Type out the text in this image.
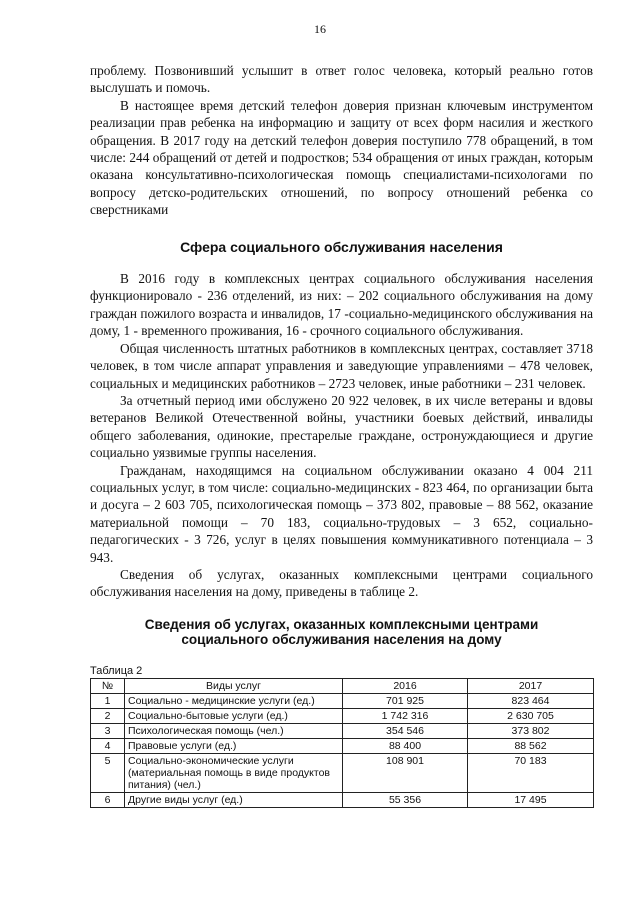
16

проблему. Позвонивший услышит в ответ голос человека, который реально готов выслушать и помочь.

В настоящее время детский телефон доверия признан ключевым инструментом реализации прав ребенка на информацию и защиту от всех форм насилия и жесткого обращения. В 2017 году на детский телефон доверия поступило 778 обращений, в том числе: 244 обращений от детей и подростков; 534 обращения от иных граждан, которым оказана консультативно-психологическая помощь специалистами-психологами по вопросу детско-родительских отношений, по вопросу отношений ребенка со сверстниками

Сфера социального обслуживания населения

В 2016 году в комплексных центрах социального обслуживания населения функционировало - 236 отделений, из них: – 202 социального обслуживания на дому граждан пожилого возраста и инвалидов, 17 -социально-медицинского обслуживания на дому, 1 - временного проживания, 16 - срочного социального обслуживания.

Общая численность штатных работников в комплексных центрах, составляет 3718 человек, в том числе аппарат управления и заведующие управлениями – 478 человек, социальных и медицинских работников – 2723 человек, иные работники – 231 человек.

За отчетный период ими обслужено 20 922 человек, в их числе ветераны и вдовы ветеранов Великой Отечественной войны, участники боевых действий, инвалиды общего заболевания, одинокие, престарелые граждане, остронуждающиеся и другие социально уязвимые группы населения.

Гражданам, находящимся на социальном обслуживании оказано 4 004 211 социальных услуг, в том числе: социально-медицинских - 823 464, по организации быта и досуга – 2 603 705, психологическая помощь – 373 802, правовые – 88 562, оказание материальной помощи – 70 183, социально-трудовых – 3 652, социально-педагогических - 3 726, услуг в целях повышения коммуникативного потенциала – 3 943.

Сведения об услугах, оказанных комплексными центрами социального обслуживания населения на дому, приведены в таблице 2.

Сведения об услугах, оказанных комплексными центрами
социального обслуживания населения на дому
Таблица 2
№	Виды услуг	2016	2017
1	Социально - медицинские услуги (ед.)	701 925	823 464
2	Социально-бытовые услуги (ед.)	1 742 316	2 630 705
3	Психологическая помощь (чел.)	354 546	373 802
4	Правовые услуги (ед.)	88 400	88 562
5	Социально-экономические услуги (материальная помощь в виде продуктов питания) (чел.)	108 901	70 183
6	Другие виды услуг (ед.)	55 356	17 495
